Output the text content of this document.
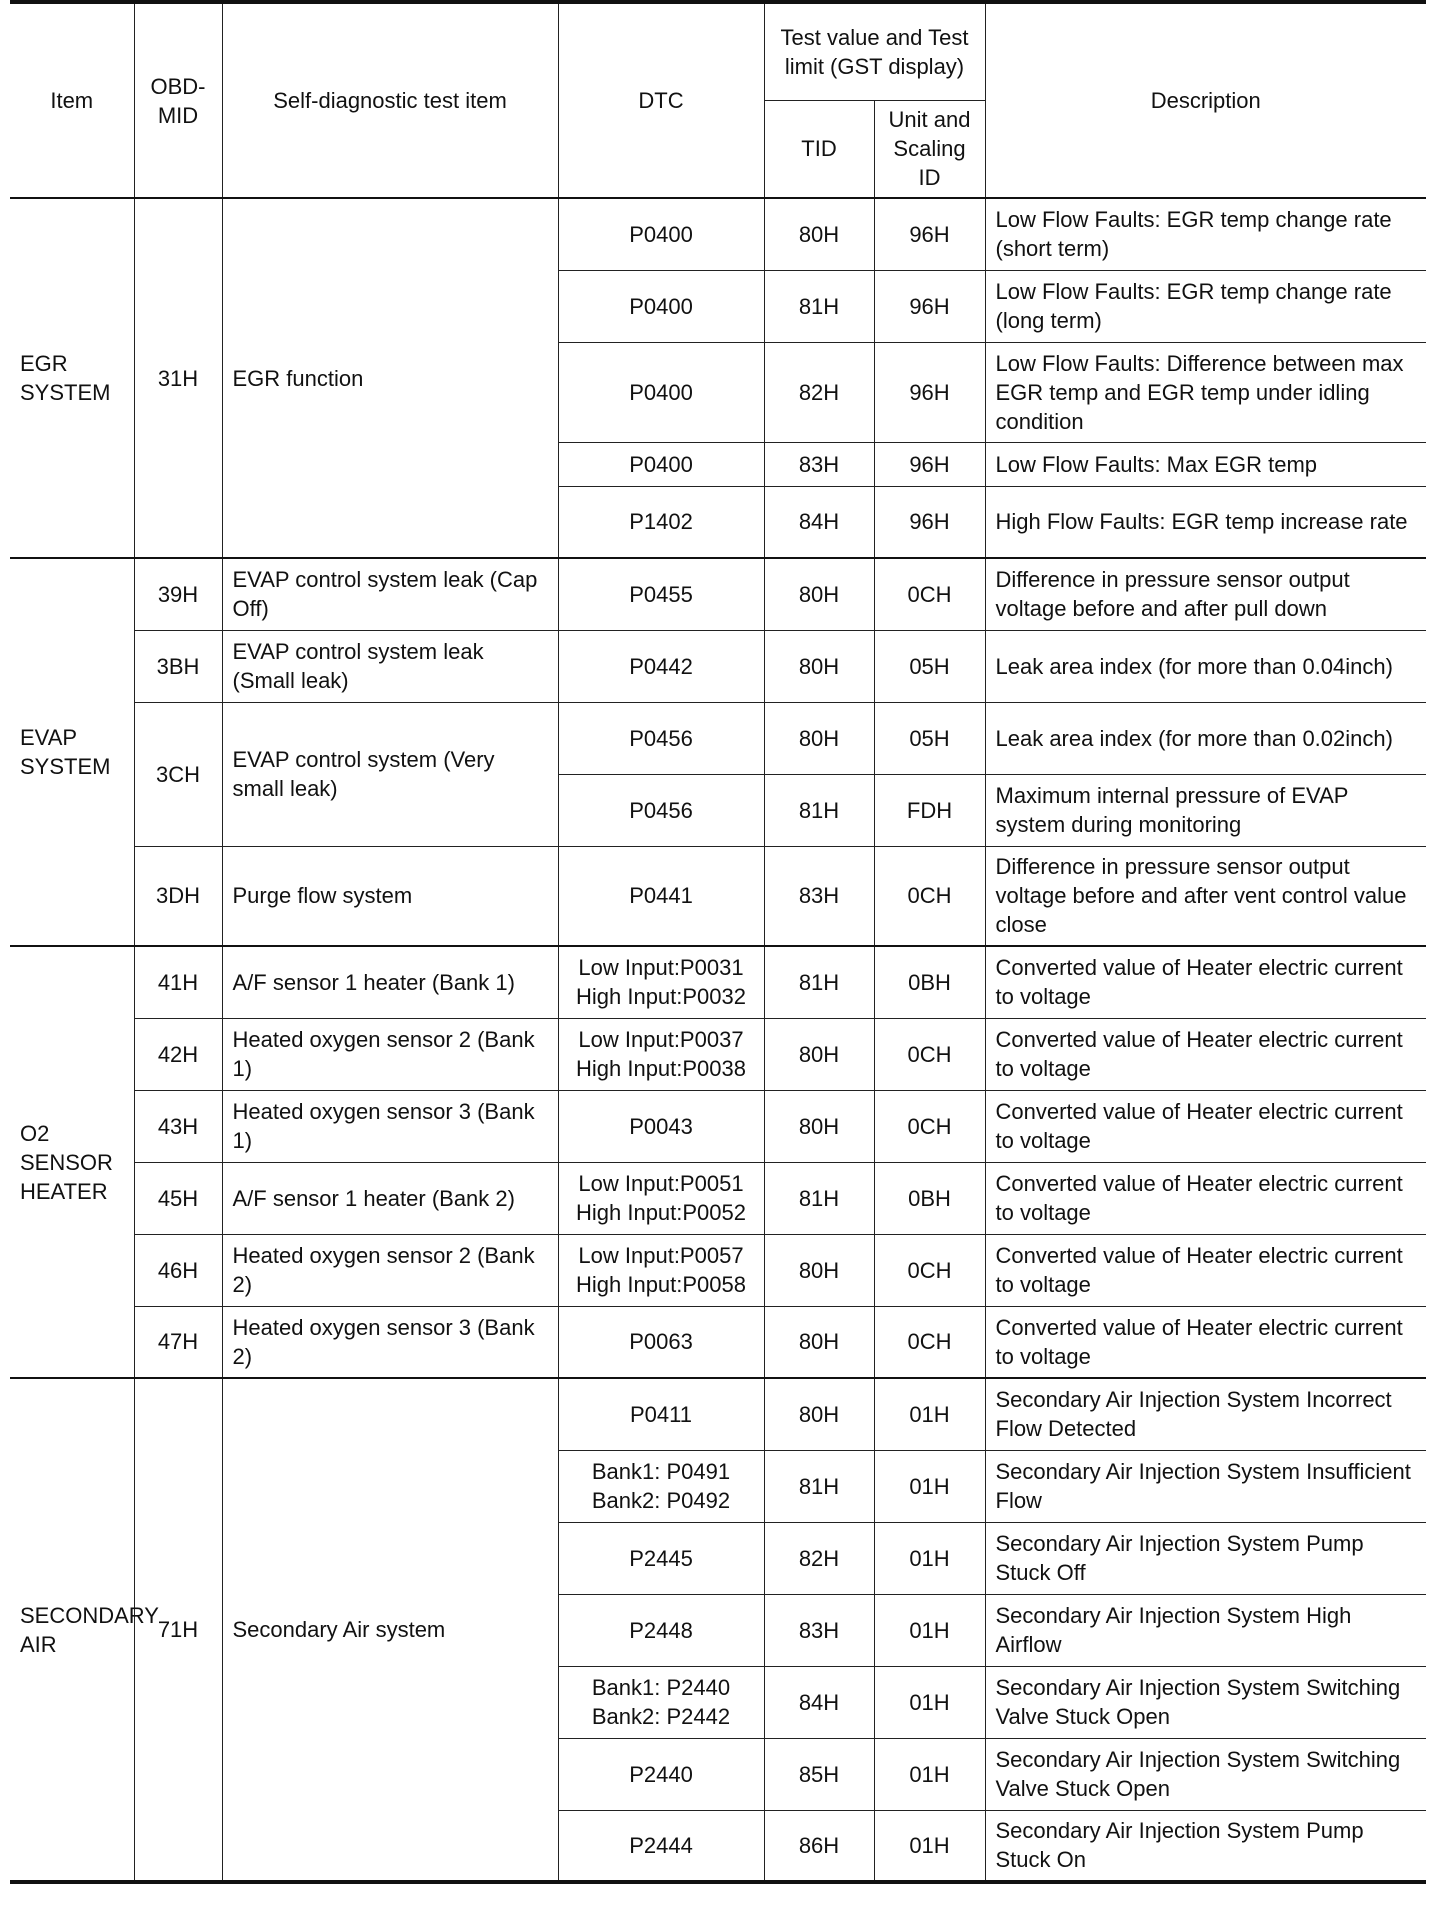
Item	OBD-MID	Self-diagnostic test item	DTC	Test value and Test limit (GST display)		Description
				TID	Unit and Scaling ID	
EGR SYSTEM	31H	EGR function	P0400	80H	96H	Low Flow Faults: EGR temp change rate (short term)
			P0400	81H	96H	Low Flow Faults: EGR temp change rate (long term)
			P0400	82H	96H	Low Flow Faults: Difference between max EGR temp and EGR temp under idling condition
			P0400	83H	96H	Low Flow Faults: Max EGR temp
			P1402	84H	96H	High Flow Faults: EGR temp increase rate
EVAP SYSTEM	39H	EVAP control system leak (Cap Off)	P0455	80H	0CH	Difference in pressure sensor output voltage before and after pull down
	3BH	EVAP control system leak (Small leak)	P0442	80H	05H	Leak area index (for more than 0.04inch)
	3CH	EVAP control system (Very small leak)	P0456	80H	05H	Leak area index (for more than 0.02inch)
			P0456	81H	FDH	Maximum internal pressure of EVAP system during monitoring
	3DH	Purge flow system	P0441	83H	0CH	Difference in pressure sensor output voltage before and after vent control value close
O2 SENSOR HEATER	41H	A/F sensor 1 heater (Bank 1)	Low Input:P0031 High Input:P0032	81H	0BH	Converted value of Heater electric current to voltage
	42H	Heated oxygen sensor 2 (Bank 1)	Low Input:P0037 High Input:P0038	80H	0CH	Converted value of Heater electric current to voltage
	43H	Heated oxygen sensor 3 (Bank 1)	P0043	80H	0CH	Converted value of Heater electric current to voltage
	45H	A/F sensor 1 heater (Bank 2)	Low Input:P0051 High Input:P0052	81H	0BH	Converted value of Heater electric current to voltage
	46H	Heated oxygen sensor 2 (Bank 2)	Low Input:P0057 High Input:P0058	80H	0CH	Converted value of Heater electric current to voltage
	47H	Heated oxygen sensor 3 (Bank 2)	P0063	80H	0CH	Converted value of Heater electric current to voltage
SECONDARY AIR	71H	Secondary Air system	P0411	80H	01H	Secondary Air Injection System Incorrect Flow Detected
			Bank1: P0491 Bank2: P0492	81H	01H	Secondary Air Injection System Insufficient Flow
			P2445	82H	01H	Secondary Air Injection System Pump Stuck Off
			P2448	83H	01H	Secondary Air Injection System High Airflow
			Bank1: P2440 Bank2: P2442	84H	01H	Secondary Air Injection System Switching Valve Stuck Open
			P2440	85H	01H	Secondary Air Injection System Switching Valve Stuck Open
			P2444	86H	01H	Secondary Air Injection System Pump Stuck On
